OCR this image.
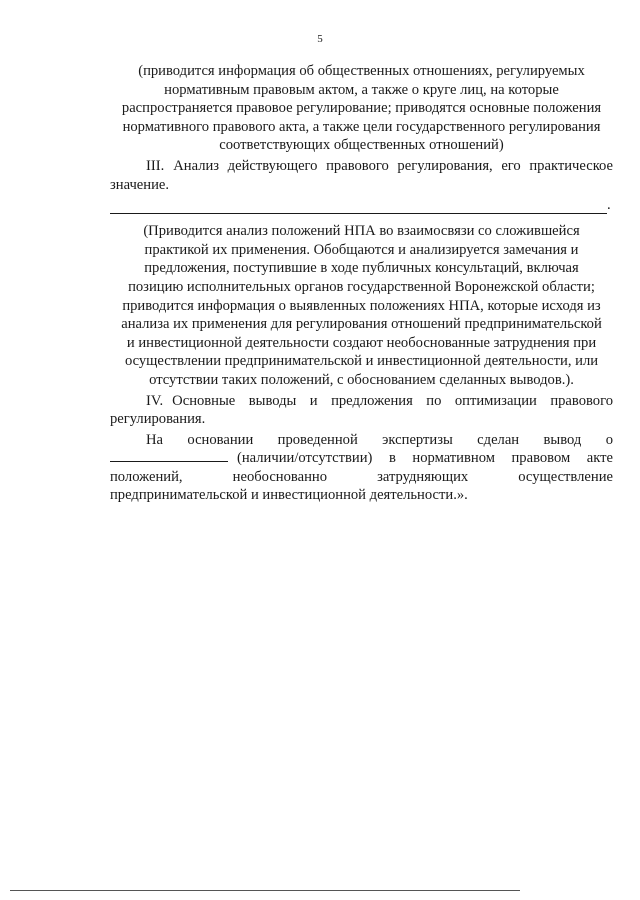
5

(приводится информация об общественных отношениях, регулируемых

нормативным правовым актом, а также о круге лиц, на которые

распространяется правовое регулирование; приводятся основные положения

нормативного правового акта, а также цели государственного регулирования

соответствующих общественных отношений)

III. Анализ действующего правового регулирования, его практическое

значение.

.

(Приводится анализ положений НПА во взаимосвязи со сложившейся

практикой их применения. Обобщаются и анализируется замечания и

предложения, поступившие в ходе публичных консультаций, включая

позицию исполнительных органов государственной Воронежской области;

приводится информация о выявленных положениях НПА, которые исходя из

анализа их применения для регулирования отношений предпринимательской

и инвестиционной деятельности создают необоснованные затруднения при

осуществлении предпринимательской и инвестиционной деятельности, или

отсутствии таких положений, с обоснованием сделанных выводов.).

IV. Основные выводы и предложения по оптимизации правового

регулирования.

На основании проведенной экспертизы сделан вывод о

(наличии/отсутствии) в нормативном правовом акте

положений, необоснованно затрудняющих осуществление

предпринимательской и инвестиционной деятельности.».
